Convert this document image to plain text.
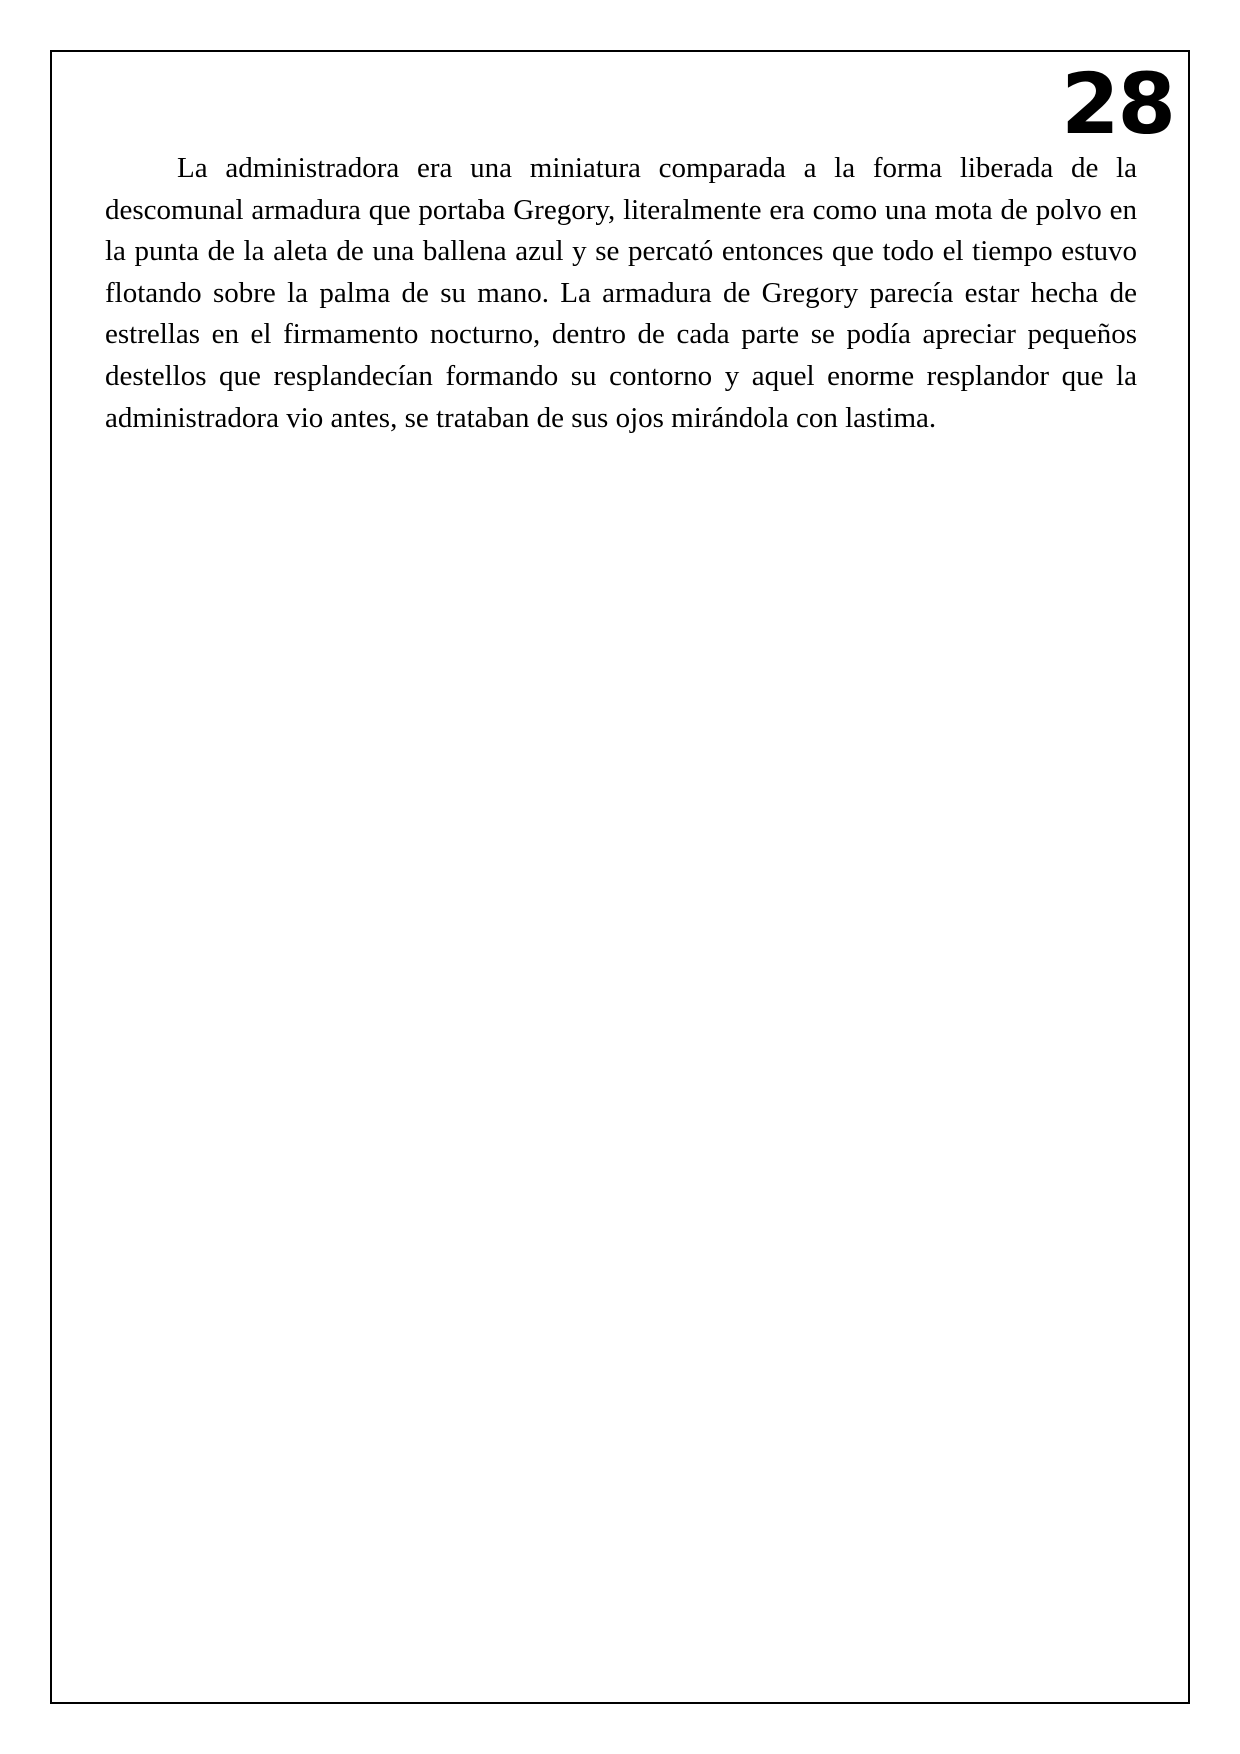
28

La administradora era una miniatura comparada a la forma liberada de la descomunal armadura que portaba Gregory, literalmente era como una mota de polvo en la punta de la aleta de una ballena azul y se percató entonces que todo el tiempo estuvo flotando sobre la palma de su mano. La armadura de Gregory parecía estar hecha de estrellas en el firmamento nocturno, dentro de cada parte se podía apreciar pequeños destellos que resplandecían formando su contorno y aquel enorme resplandor que la administradora vio antes, se trataban de sus ojos mirándola con lastima.
